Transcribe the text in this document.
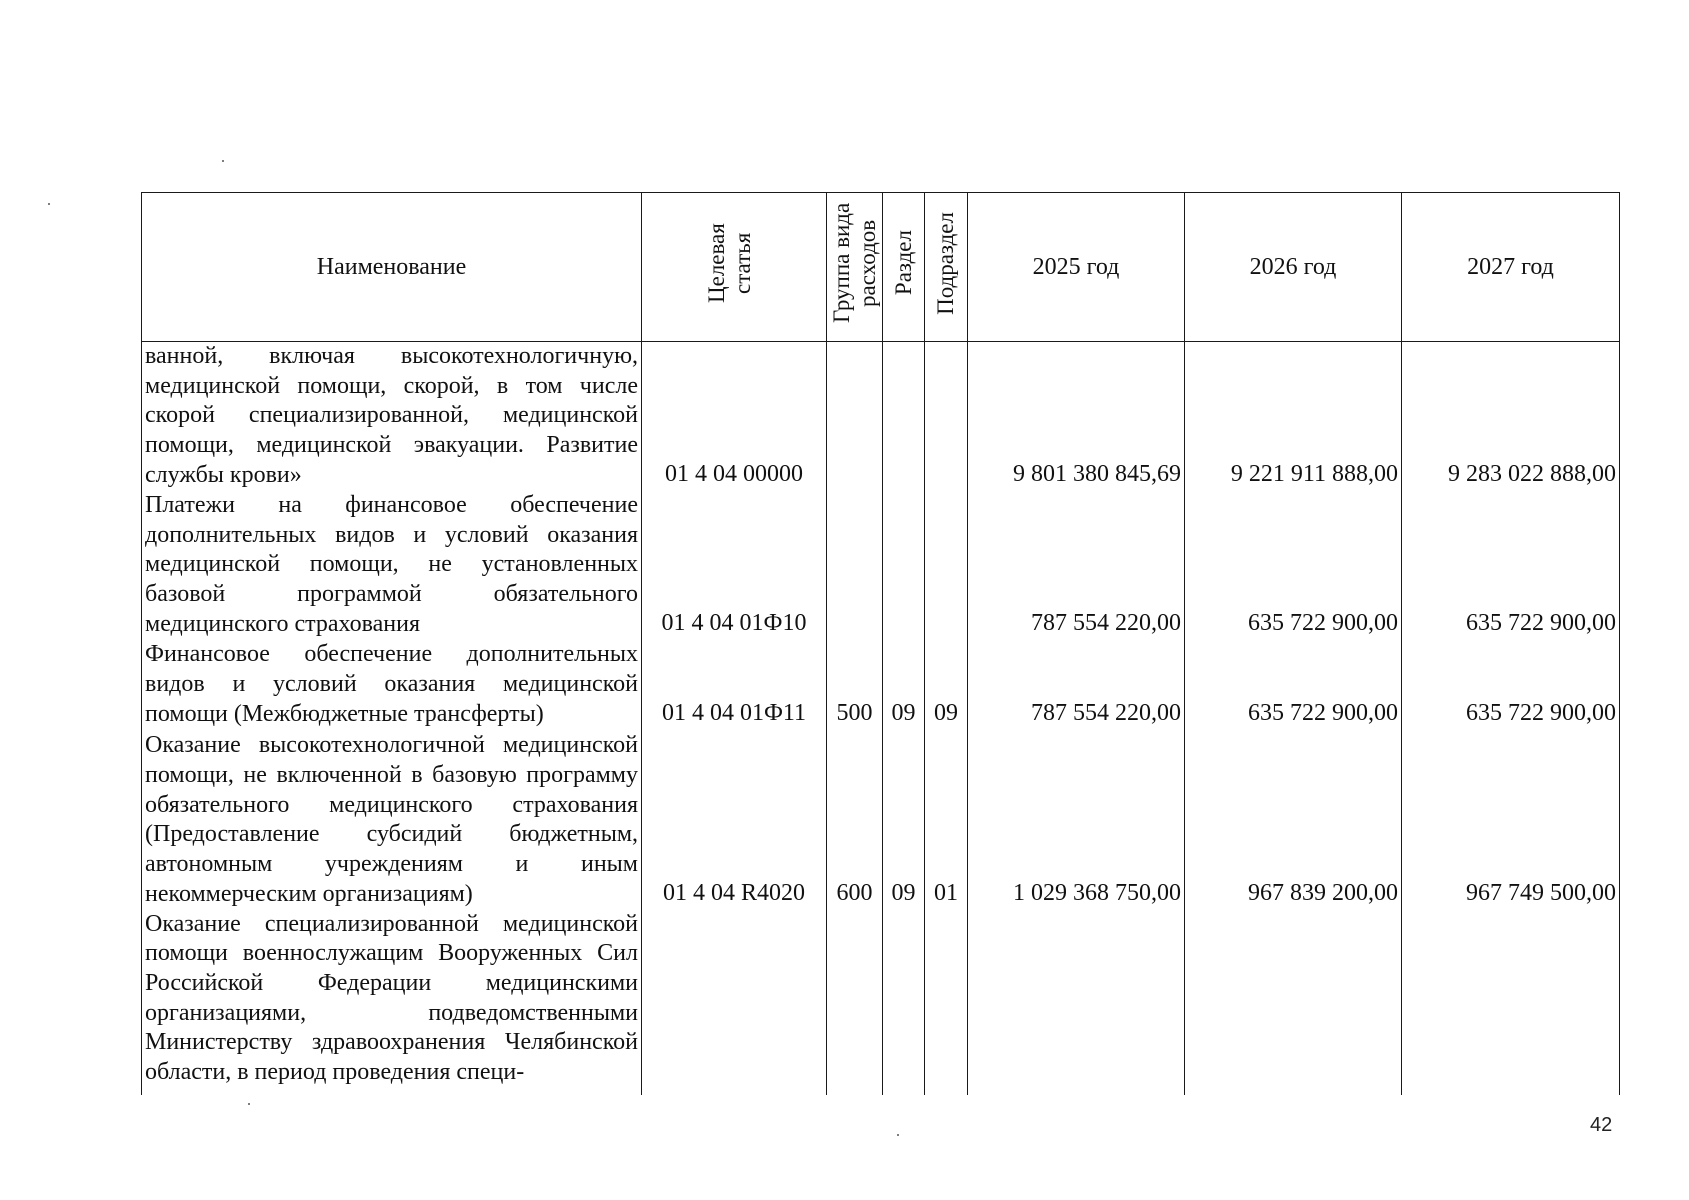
Наименование	Целевая статья	Группа вида расходов	Раздел	Подраздел	2025 год	2026 год	2027 год
ванной, включая высокотехнологичную, медицинской помощи, скорой, в том числе скорой специализированной, медицинской помощи, медицинской эвакуации. Развитие службы крови»	01 4 04 00000				9 801 380 845,69	9 221 911 888,00	9 283 022 888,00
Платежи на финансовое обеспечение дополнительных видов и условий оказания медицинской помощи, не установленных базовой программой обязательного медицинского страхования	01 4 04 01Ф10				787 554 220,00	635 722 900,00	635 722 900,00
Финансовое обеспечение дополнительных видов и условий оказания медицинской помощи (Межбюджетные трансферты)	01 4 04 01Ф11	500	09	09	787 554 220,00	635 722 900,00	635 722 900,00
Оказание высокотехнологичной медицинской помощи, не включенной в базовую программу обязательного медицинского страхования (Предоставление субсидий бюджетным, автономным учреждениям и иным некоммерческим организациям)	01 4 04 R4020	600	09	01	1 029 368 750,00	967 839 200,00	967 749 500,00
Оказание специализированной медицинской помощи военнослужащим Вооруженных Сил Российской Федерации медицинскими организациями, подведомственными Министерству здравоохранения Челябинской области, в период проведения специ-							
42
